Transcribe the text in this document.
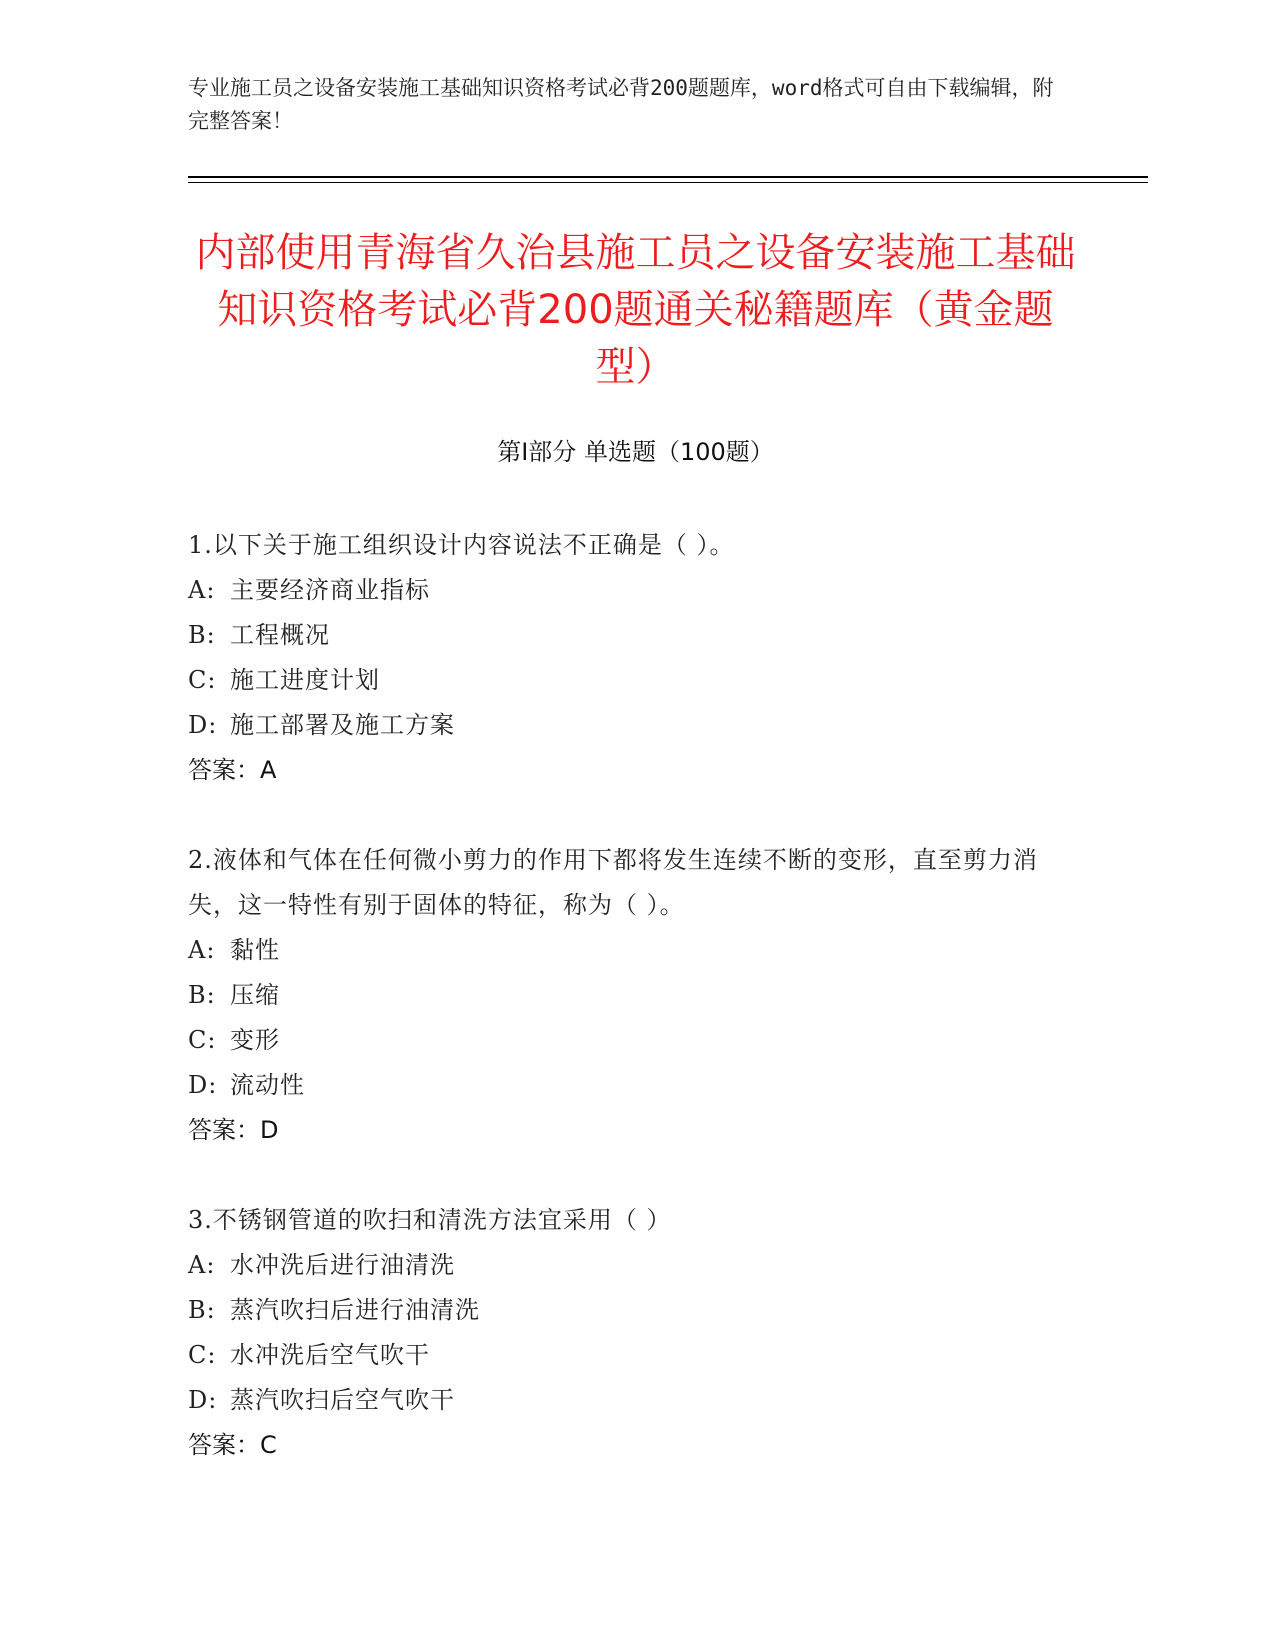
专业施工员之设备安装施工基础知识资格考试必背200题题库，word格式可自由下载编辑，附完整答案！
内部使用青海省久治县施工员之设备安装施工基础知识资格考试必背200题通关秘籍题库（黄金题型）
第Ⅰ部分 单选题（100题）
1.以下关于施工组织设计内容说法不正确是（ ）。
A: 主要经济商业指标
B: 工程概况
C: 施工进度计划
D: 施工部署及施工方案
答案：A
2.液体和气体在任何微小剪力的作用下都将发生连续不断的变形，直至剪力消失，这一特性有别于固体的特征，称为（ ）。
A: 黏性
B: 压缩
C: 变形
D: 流动性
答案：D
3.不锈钢管道的吹扫和清洗方法宜采用（ ）
A: 水冲洗后进行油清洗
B: 蒸汽吹扫后进行油清洗
C: 水冲洗后空气吹干
D: 蒸汽吹扫后空气吹干
答案：C
